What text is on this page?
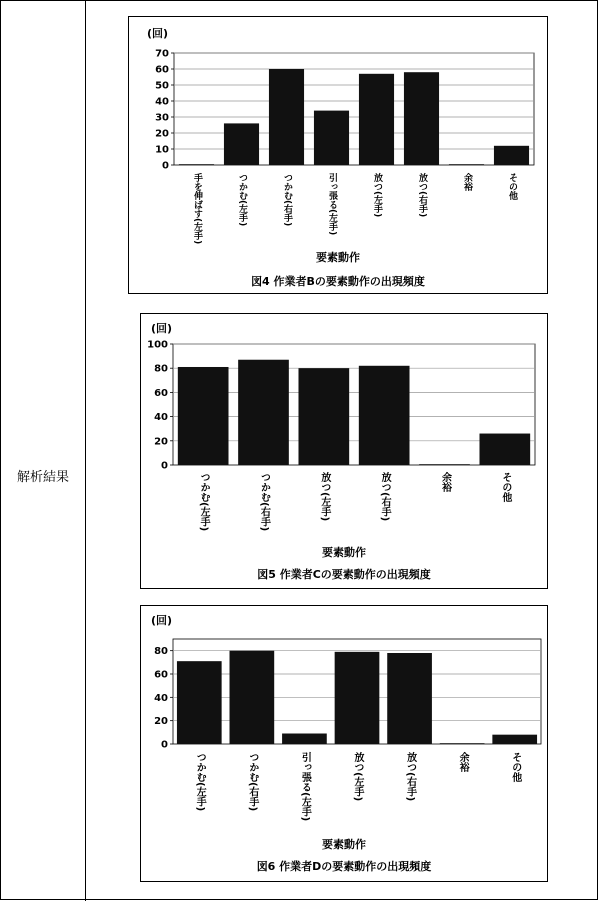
解析結果
0
10
20
30
40
50
60
70
(回)
要素動作
図4 作業者Bの要素動作の出現頻度
手を伸ばす(左手)	つかむ(左手)	つかむ(右手)	引っ張る(左手)	放つ(左手)	放つ(右手)	余裕	その他
0
20
40
60
80
100
(回)
要素動作
図5 作業者Cの要素動作の出現頻度
つかむ(左手)	つかむ(右手)	放つ(左手)	放つ(右手)	余裕	その他
0
20
40
60
80
(回)
要素動作
図6 作業者Dの要素動作の出現頻度
つかむ(左手)	つかむ(右手)	引っ張る(左手)	放つ(左手)	放つ(右手)	余裕	その他
